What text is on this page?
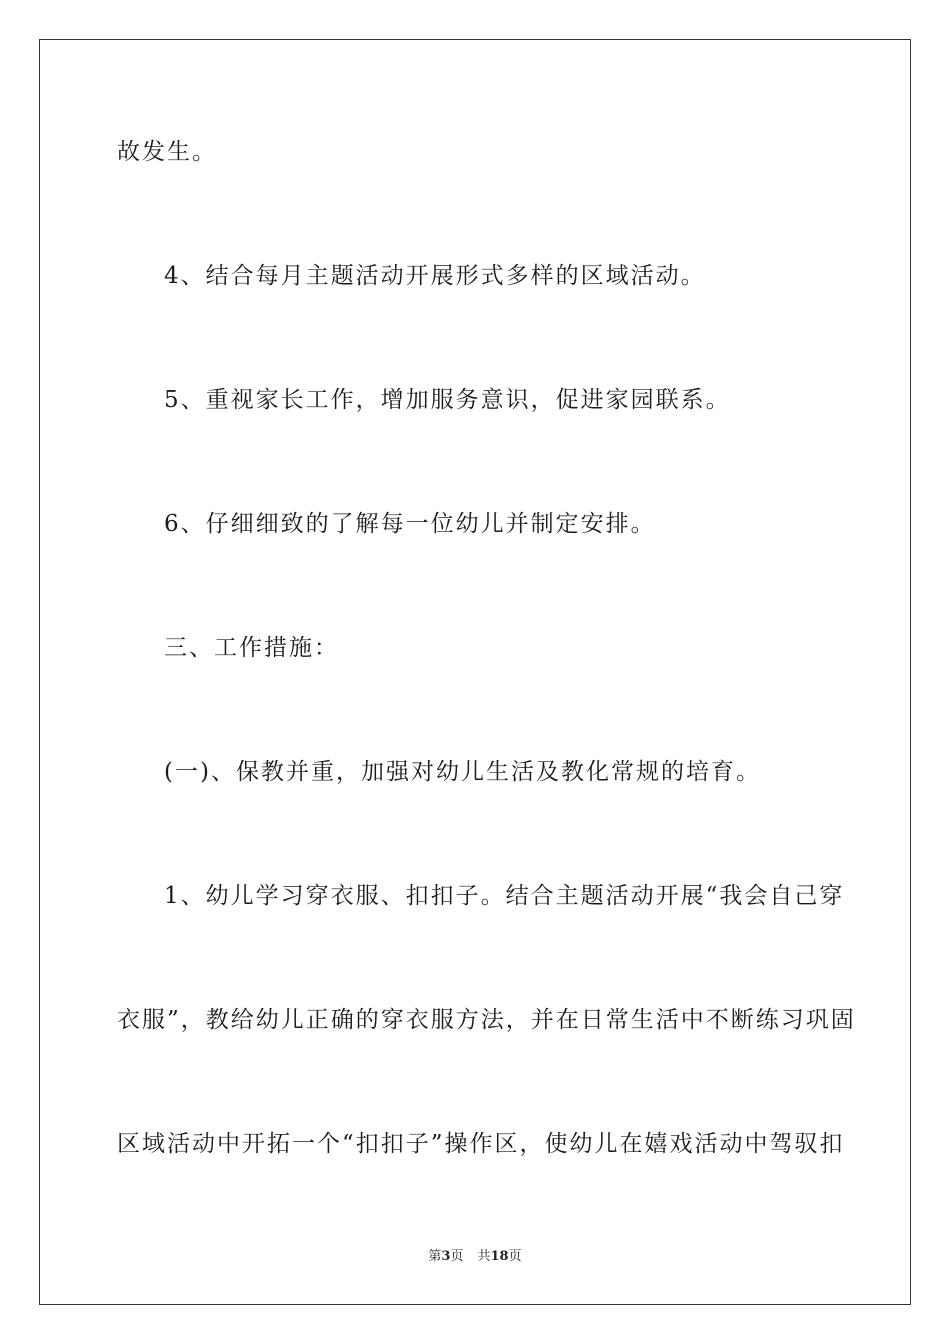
故发生。
4、结合每月主题活动开展形式多样的区域活动。
5、重视家长工作，增加服务意识，促进家园联系。
6、仔细细致的了解每一位幼儿并制定安排。
三、工作措施：
(一)、保教并重，加强对幼儿生活及教化常规的培育。
1、幼儿学习穿衣服、扣扣子。结合主题活动开展“我会自己穿
衣服”，教给幼儿正确的穿衣服方法，并在日常生活中不断练习巩固
区域活动中开拓一个“扣扣子”操作区，使幼儿在嬉戏活动中驾驭扣
第3页 共18页
